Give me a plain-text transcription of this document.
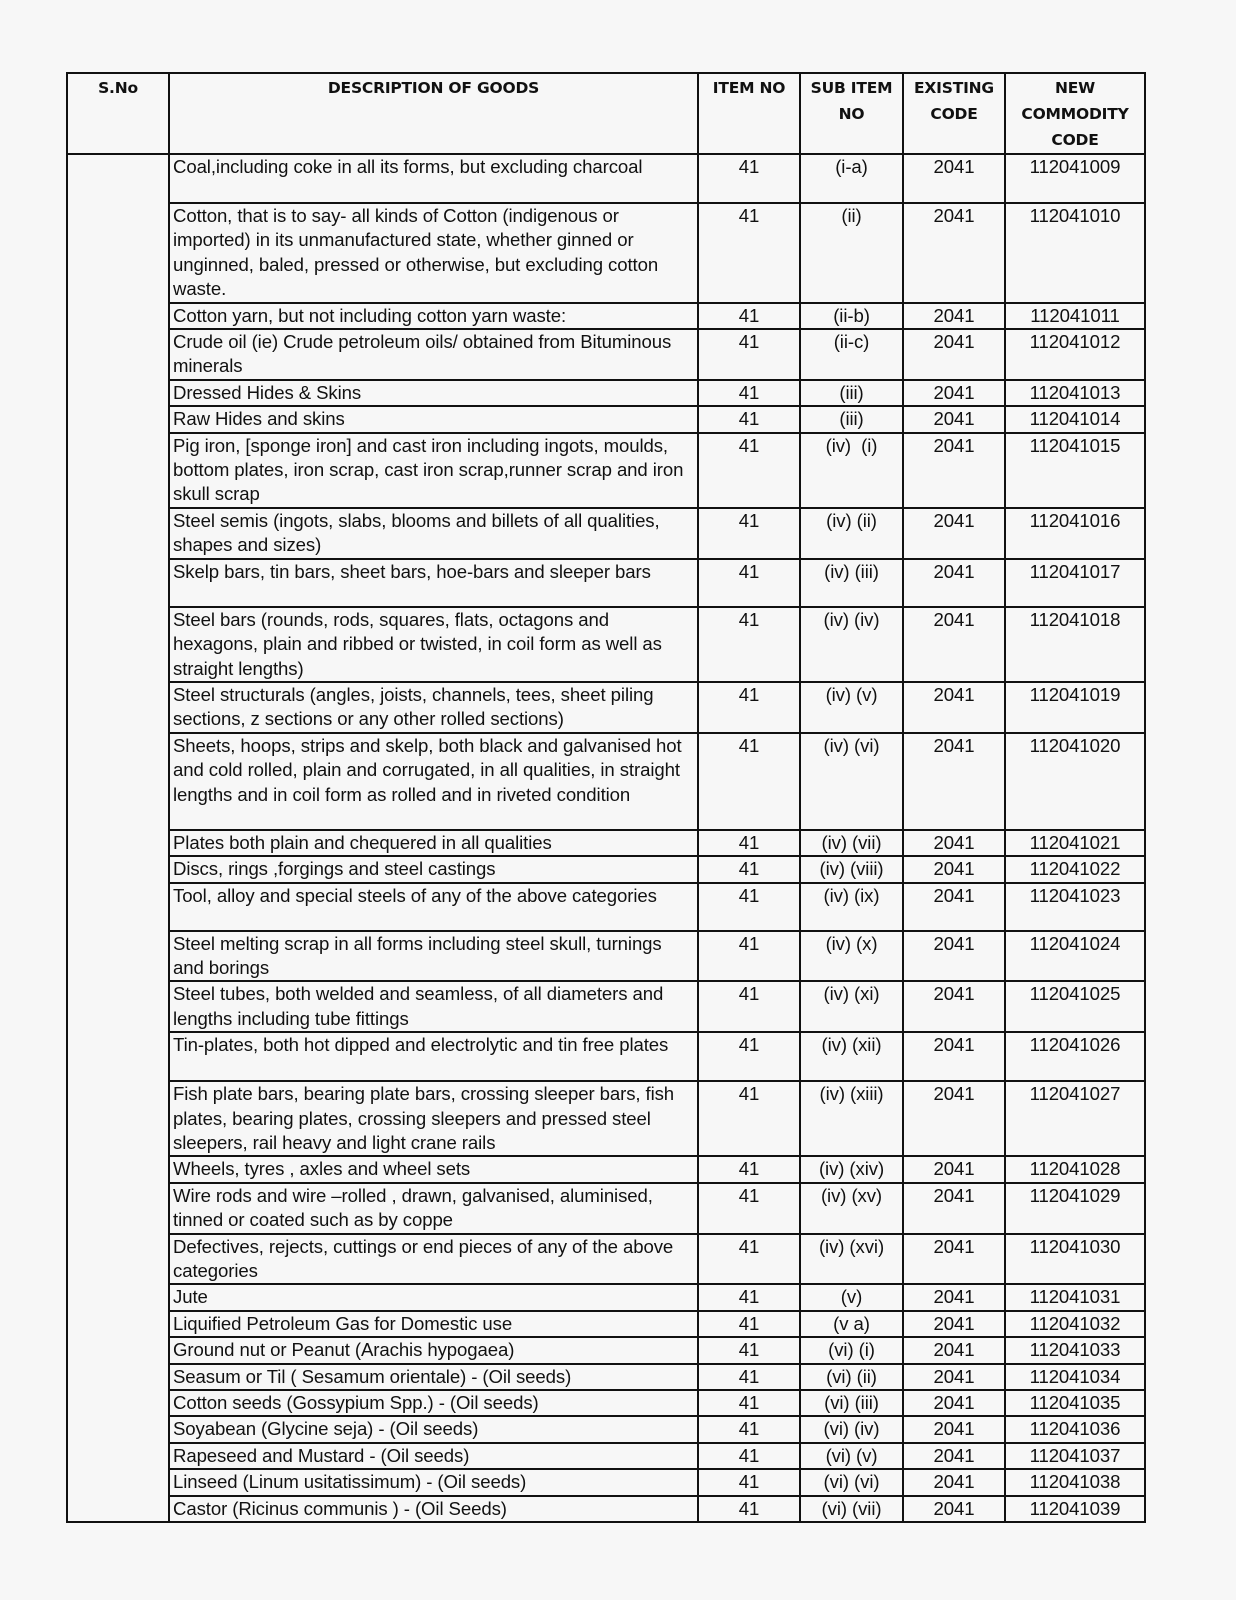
S.No	DESCRIPTION OF GOODS	ITEM NO	SUB ITEM NO	EXISTING CODE	NEW COMMODITY CODE
	Coal,including coke in all its forms, but excluding charcoal	41	(i-a)	2041	112041009
	Cotton, that is to say- all kinds of Cotton (indigenous or imported) in its unmanufactured state, whether ginned or unginned, baled, pressed or otherwise, but excluding cotton waste.	41	(ii)	2041	112041010
	Cotton yarn, but not including cotton yarn waste:	41	(ii-b)	2041	112041011
	Crude oil (ie) Crude petroleum oils/ obtained from Bituminous minerals	41	(ii-c)	2041	112041012
	Dressed Hides & Skins	41	(iii)	2041	112041013
	Raw Hides and skins	41	(iii)	2041	112041014
	Pig iron, [sponge iron] and cast iron including ingots, moulds, bottom plates, iron scrap, cast iron scrap,runner scrap and iron skull scrap	41	(iv)  (i)	2041	112041015
	Steel semis (ingots, slabs, blooms and billets of all qualities, shapes and sizes)	41	(iv) (ii)	2041	112041016
	Skelp bars, tin bars, sheet bars, hoe-bars and sleeper bars	41	(iv) (iii)	2041	112041017
	Steel bars (rounds, rods, squares, flats, octagons and hexagons, plain and ribbed or twisted, in coil form as well as straight lengths)	41	(iv) (iv)	2041	112041018
	Steel structurals (angles, joists, channels, tees, sheet piling sections, z sections or any other rolled sections)	41	(iv) (v)	2041	112041019
	Sheets, hoops, strips and skelp, both black and galvanised hot and cold rolled, plain and corrugated, in all qualities, in straight lengths and in coil form as rolled and in riveted condition	41	(iv) (vi)	2041	112041020
	Plates both plain and chequered in all qualities	41	(iv) (vii)	2041	112041021
	Discs, rings ,forgings and steel castings	41	(iv) (viii)	2041	112041022
	Tool, alloy and special steels of any of the above categories	41	(iv) (ix)	2041	112041023
	Steel melting scrap in all forms including steel skull, turnings and borings	41	(iv) (x)	2041	112041024
	Steel tubes, both welded and seamless, of all diameters and lengths including tube fittings	41	(iv) (xi)	2041	112041025
	Tin-plates, both hot dipped and electrolytic and tin free plates	41	(iv) (xii)	2041	112041026
	Fish plate bars, bearing plate bars, crossing sleeper bars, fish plates, bearing plates, crossing sleepers and pressed steel sleepers, rail heavy and light crane rails	41	(iv) (xiii)	2041	112041027
	Wheels, tyres , axles and wheel sets	41	(iv) (xiv)	2041	112041028
	Wire rods and wire –rolled , drawn, galvanised, aluminised, tinned or coated such as by coppe	41	(iv) (xv)	2041	112041029
	Defectives, rejects, cuttings or end pieces of any of the above categories	41	(iv) (xvi)	2041	112041030
	Jute	41	(v)	2041	112041031
	Liquified Petroleum Gas for Domestic use	41	(v a)	2041	112041032
	Ground nut or Peanut (Arachis hypogaea)	41	(vi) (i)	2041	112041033
	Seasum or Til ( Sesamum orientale) - (Oil seeds)	41	(vi) (ii)	2041	112041034
	Cotton seeds (Gossypium Spp.) - (Oil seeds)	41	(vi) (iii)	2041	112041035
	Soyabean (Glycine seja) - (Oil seeds)	41	(vi) (iv)	2041	112041036
	Rapeseed and Mustard - (Oil seeds)	41	(vi) (v)	2041	112041037
	Linseed (Linum usitatissimum) - (Oil seeds)	41	(vi) (vi)	2041	112041038
	Castor (Ricinus communis ) - (Oil Seeds)	41	(vi) (vii)	2041	112041039
